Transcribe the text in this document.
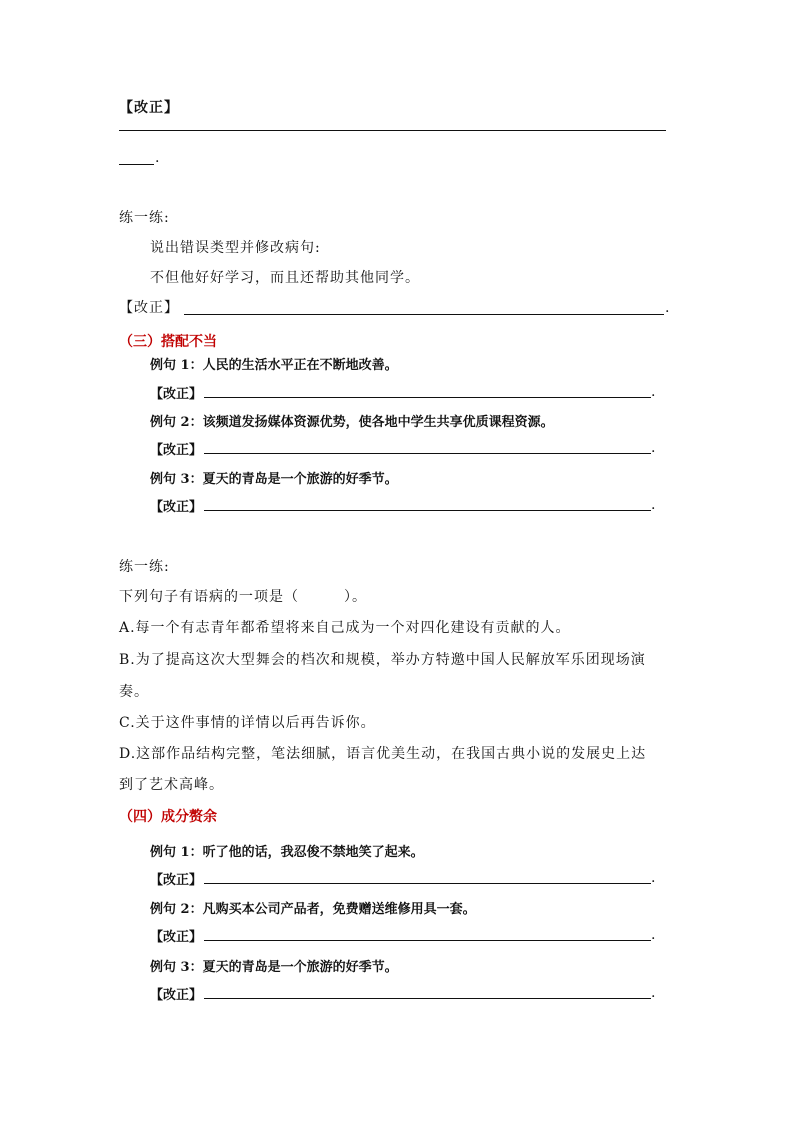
【改正】
.
练一练:
说出错误类型并修改病句:
不但他好好学习，而且还帮助其他同学。
【改正】	.
（三）搭配不当
例句 1：人民的生活水平正在不断地改善。
【改正】	.
例句 2：该频道发扬媒体资源优势，使各地中学生共享优质课程资源。
【改正】	.
例句 3：夏天的青岛是一个旅游的好季节。
【改正】	.
练一练:
下列句子有语病的一项是（　　　）。
A.每一个有志青年都希望将来自己成为一个对四化建设有贡献的人。
B.为了提高这次大型舞会的档次和规模，举办方特邀中国人民解放军乐团现场演
奏。
C.关于这件事情的详情以后再告诉你。
D.这部作品结构完整，笔法细腻，语言优美生动，在我国古典小说的发展史上达
到了艺术高峰。
（四）成分赘余
例句 1：听了他的话，我忍俊不禁地笑了起来。
【改正】	.
例句 2：凡购买本公司产品者，免费赠送维修用具一套。
【改正】	.
例句 3：夏天的青岛是一个旅游的好季节。
【改正】	.
